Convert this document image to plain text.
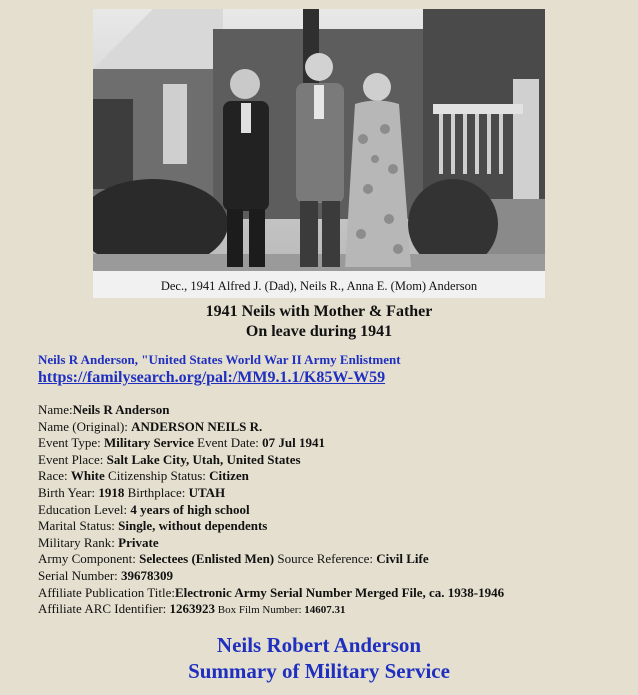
Dec., 1941 Alfred J. (Dad), Neils R., Anna E. (Mom) Anderson
1941 Neils with Mother & Father
On leave during 1941
Neils R Anderson, "United States World War II Army Enlistment
https://familysearch.org/pal:/MM9.1.1/K85W-W59
Name:Neils R Anderson
Name (Original): ANDERSON NEILS R.
Event Type: Military Service Event Date: 07 Jul 1941
Event Place: Salt Lake City, Utah, United States
Race: White Citizenship Status: Citizen
Birth Year: 1918 Birthplace: UTAH
Education Level: 4 years of high school
Marital Status: Single, without dependents
Military Rank: Private
Army Component: Selectees (Enlisted Men) Source Reference: Civil Life
Serial Number: 39678309
Affiliate Publication Title:Electronic Army Serial Number Merged File, ca. 1938-1946
Affiliate ARC Identifier: 1263923 Box Film Number: 14607.31
Neils Robert Anderson
Summary of Military Service
